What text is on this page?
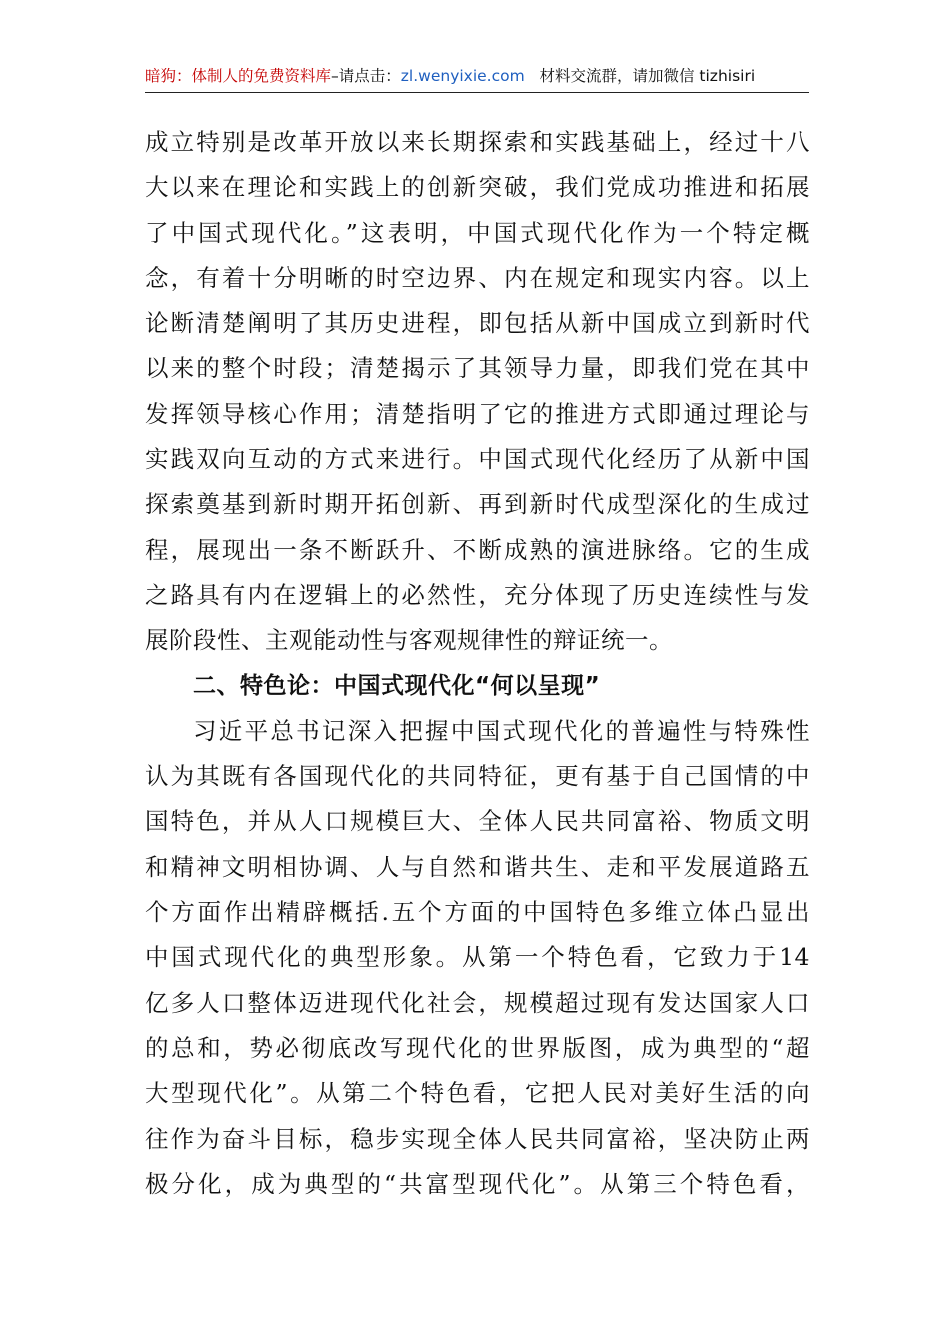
暗狗：体制人的免费资料库–请点击：zl.wenyixie.com 材料交流群，请加微信 tizhisiri
成立特别是改革开放以来长期探索和实践基础上，经过十八
大以来在理论和实践上的创新突破，我们党成功推进和拓展
了中国式现代化。”这表明，中国式现代化作为一个特定概
念，有着十分明晰的时空边界、内在规定和现实内容。以上
论断清楚阐明了其历史进程，即包括从新中国成立到新时代
以来的整个时段；清楚揭示了其领导力量，即我们党在其中
发挥领导核心作用；清楚指明了它的推进方式即通过理论与
实践双向互动的方式来进行。中国式现代化经历了从新中国
探索奠基到新时期开拓创新、再到新时代成型深化的生成过
程，展现出一条不断跃升、不断成熟的演进脉络。它的生成
之路具有内在逻辑上的必然性，充分体现了历史连续性与发
展阶段性、主观能动性与客观规律性的辩证统一。
二、特色论：中国式现代化“何以呈现”
习近平总书记深入把握中国式现代化的普遍性与特殊性
认为其既有各国现代化的共同特征，更有基于自己国情的中
国特色，并从人口规模巨大、全体人民共同富裕、物质文明
和精神文明相协调、人与自然和谐共生、走和平发展道路五
个方面作出精辟概括.五个方面的中国特色多维立体凸显出
中国式现代化的典型形象。从第一个特色看，它致力于14
亿多人口整体迈进现代化社会，规模超过现有发达国家人口
的总和，势必彻底改写现代化的世界版图，成为典型的“超
大型现代化”。从第二个特色看，它把人民对美好生活的向
往作为奋斗目标，稳步实现全体人民共同富裕，坚决防止两
极分化，成为典型的“共富型现代化”。从第三个特色看，
